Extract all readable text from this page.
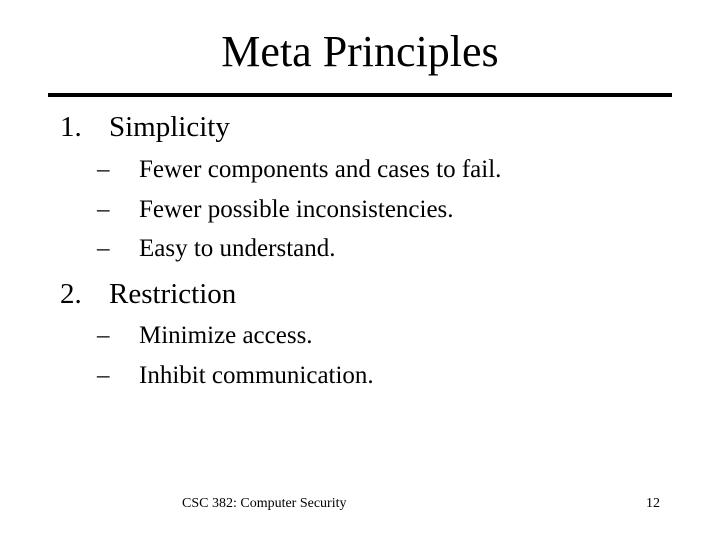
Meta Principles
1. Simplicity
– Fewer components and cases to fail.
– Fewer possible inconsistencies.
– Easy to understand.
2. Restriction
– Minimize access.
– Inhibit communication.
CSC 382: Computer Security	12
